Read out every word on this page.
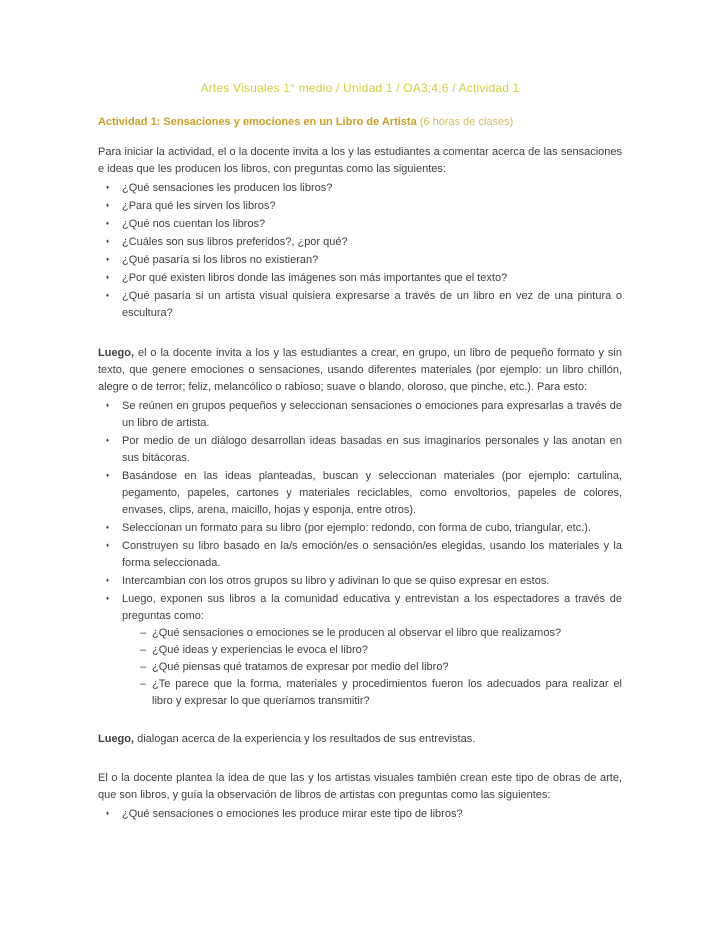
Artes Visuales 1° medio / Unidad 1 / OA3;4;6 / Actividad 1

Actividad 1: Sensaciones y emociones en un Libro de Artista (6 horas de clases)

Para iniciar la actividad, el o la docente invita a los y las estudiantes a comentar acerca de las sensaciones e ideas que les producen los libros, con preguntas como las siguientes:

♦	¿Qué sensaciones les producen los libros?
♦	¿Para qué les sirven los libros?
♦	¿Qué nos cuentan los libros?
♦	¿Cuáles son sus libros preferidos?, ¿por qué?
♦	¿Qué pasaría si los libros no existieran?
♦	¿Por qué existen libros donde las imágenes son más importantes que el texto?
♦	¿Qué pasaría si un artista visual quisiera expresarse a través de un libro en vez de una pintura o escultura?

Luego, el o la docente invita a los y las estudiantes a crear, en grupo, un libro de pequeño formato y sin texto, que genere emociones o sensaciones, usando diferentes materiales (por ejemplo: un libro chillón, alegre o de terror; feliz, melancólico o rabioso; suave o blando, oloroso, que pinche, etc.). Para esto:

♦	Se reúnen en grupos pequeños y seleccionan sensaciones o emociones para expresarlas a través de un libro de artista.
♦	Por medio de un diálogo desarrollan ideas basadas en sus imaginarios personales y las anotan en sus bitácoras.
♦	Basándose en las ideas planteadas, buscan y seleccionan materiales (por ejemplo: cartulina, pegamento, papeles, cartones y materiales reciclables, como envoltorios, papeles de colores, envases, clips, arena, maicillo, hojas y esponja, entre otros).
♦	Seleccionan un formato para su libro (por ejemplo: redondo, con forma de cubo, triangular, etc.).
♦	Construyen su libro basado en la/s emoción/es o sensación/es elegidas, usando los materiales y la forma seleccionada.
♦	Intercambian con los otros grupos su libro y adivinan lo que se quiso expresar en estos.
♦	Luego, exponen sus libros a la comunidad educativa y entrevistan a los espectadores a través de preguntas como:
– ¿Qué sensaciones o emociones se le producen al observar el libro que realizamos?
– ¿Qué ideas y experiencias le evoca el libro?
– ¿Qué piensas qué tratamos de expresar por medio del libro?
– ¿Te parece que la forma, materiales y procedimientos fueron los adecuados para realizar el libro y expresar lo que queríamos transmitir?

Luego, dialogan acerca de la experiencia y los resultados de sus entrevistas.

El o la docente plantea la idea de que las y los artistas visuales también crean este tipo de obras de arte, que son libros, y guía la observación de libros de artistas con preguntas como las siguientes:

♦	¿Qué sensaciones o emociones les produce mirar este tipo de libros?
